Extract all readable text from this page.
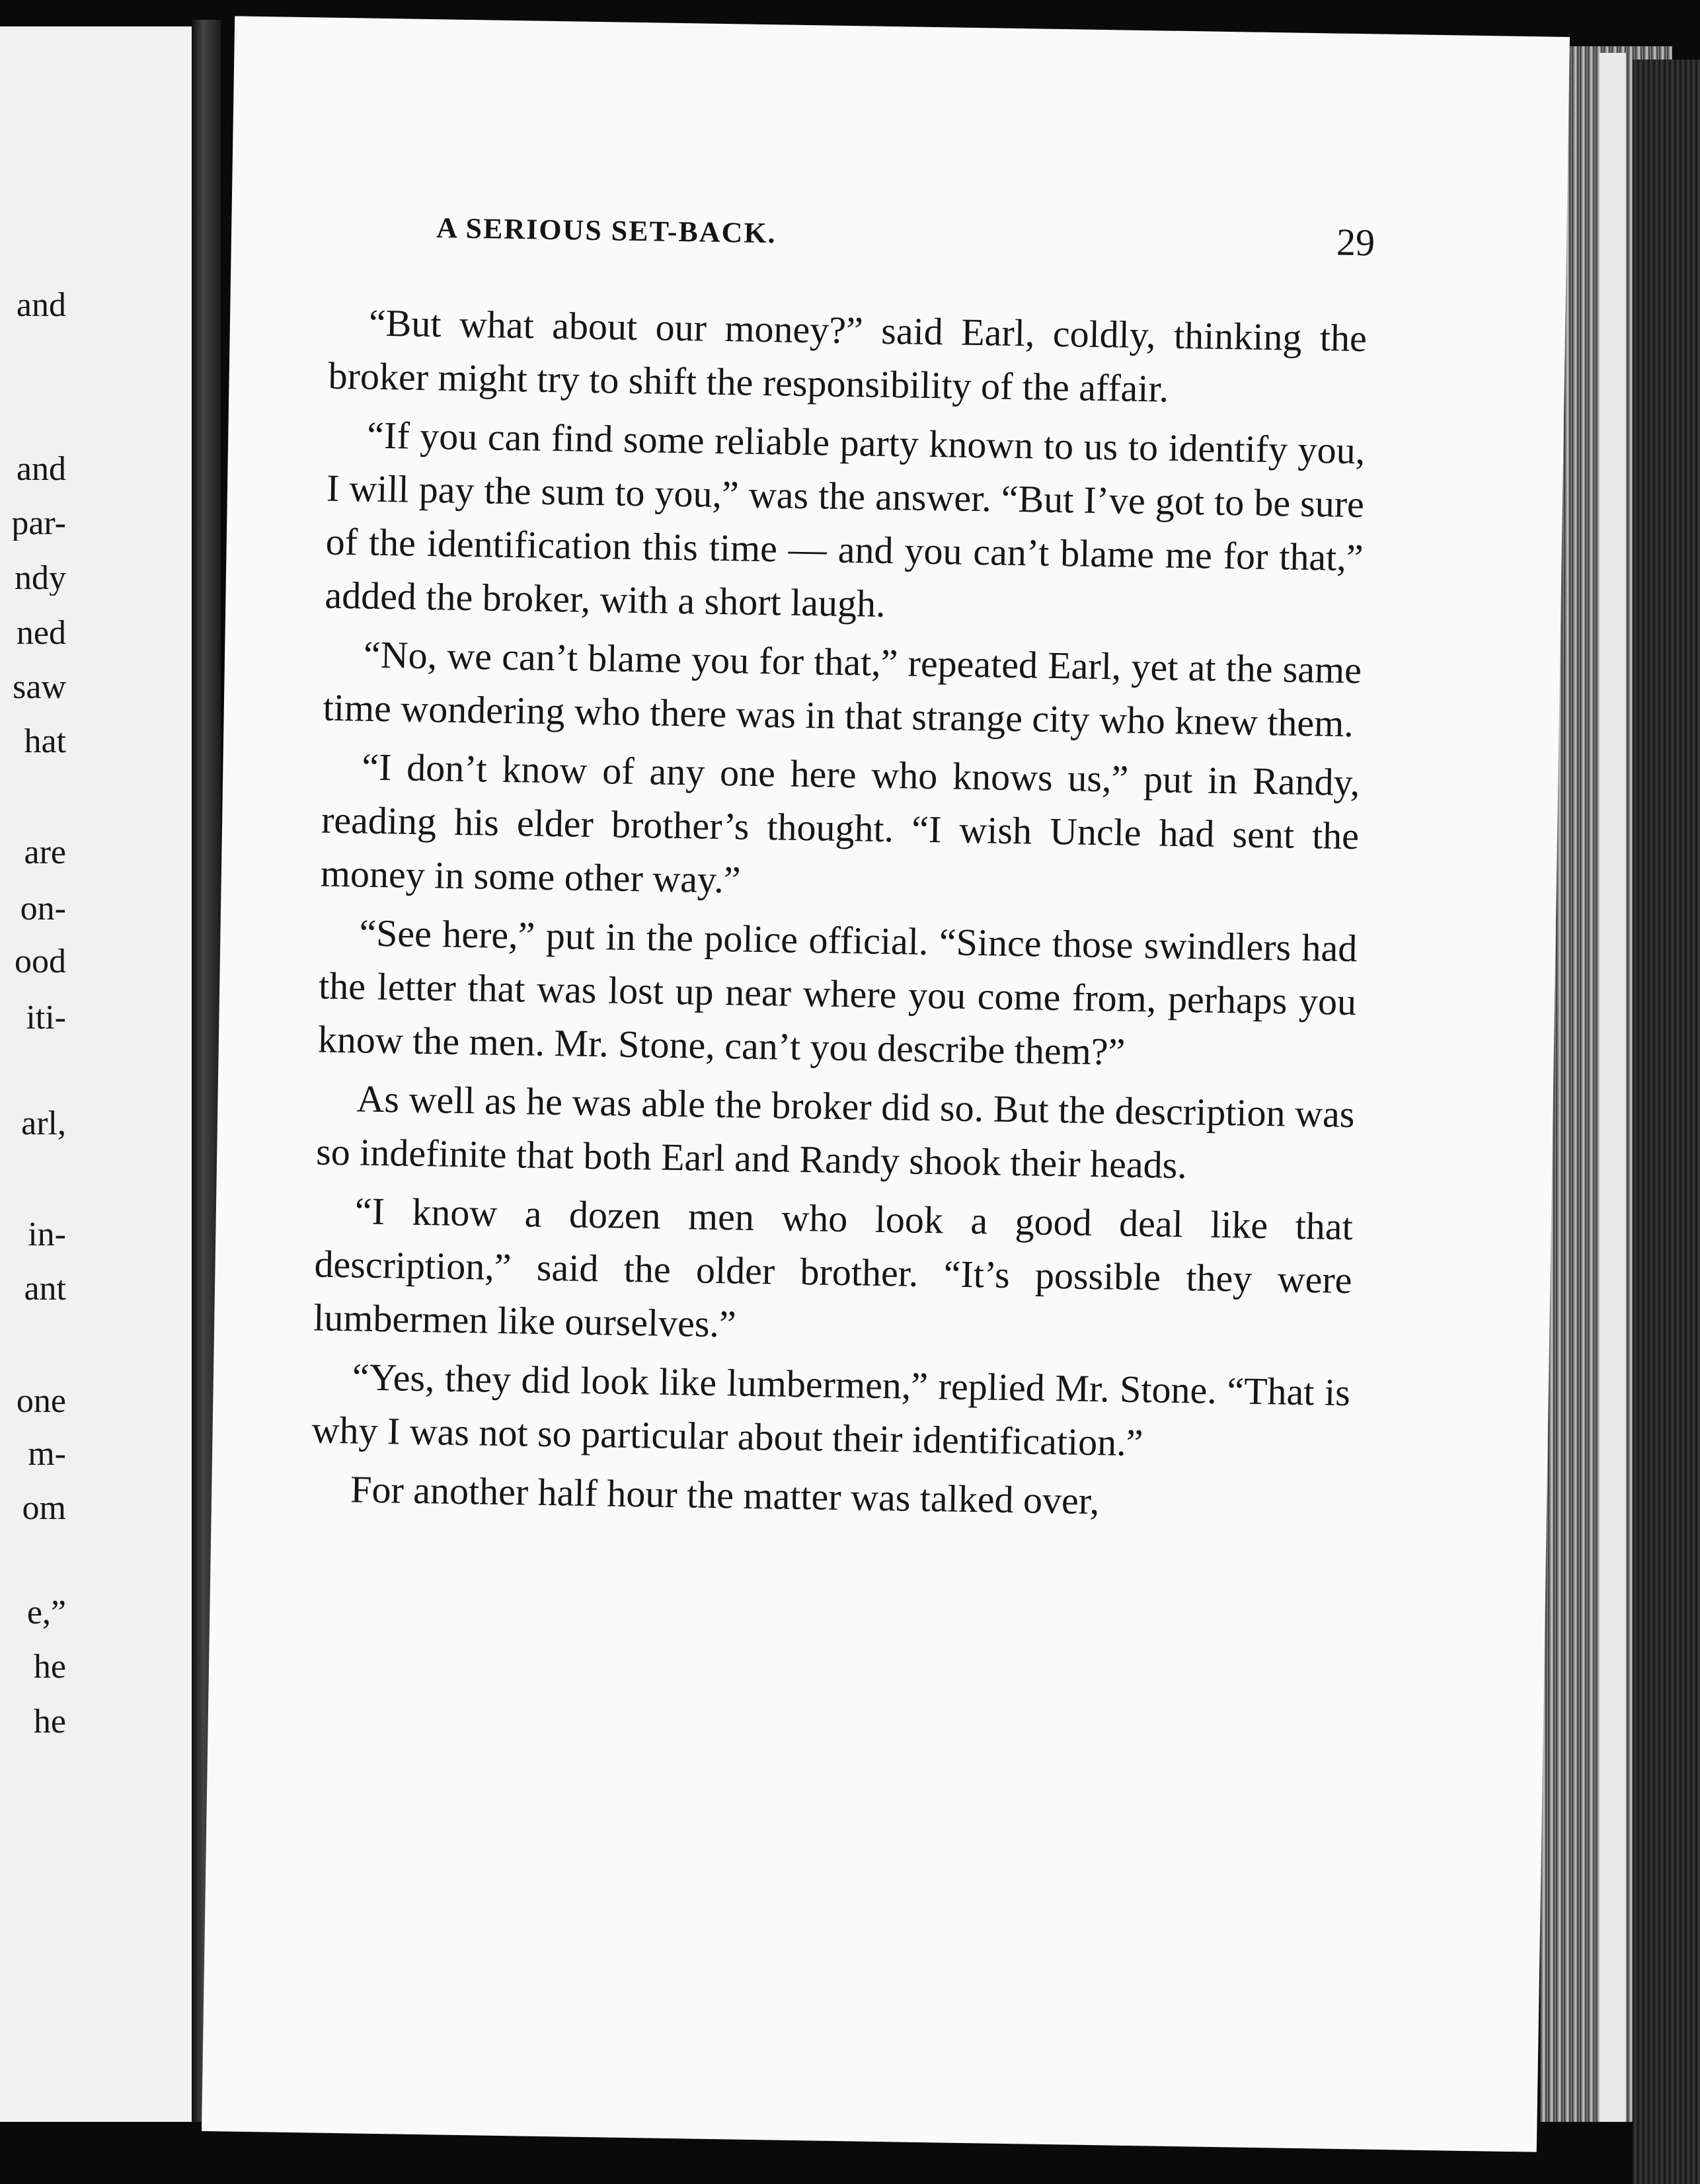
and
and
par-
ndy
ned
saw
hat
are
on-
ood
iti-
arl,
in-
ant
one
m-
om
e,”
he
he
A SERIOUS SET-BACK.	29

“But what about our money?” said Earl, coldly, thinking the broker might try to shift the responsibility of the affair.

“If you can find some reliable party known to us to identify you, I will pay the sum to you,” was the answer. “But I’ve got to be sure of the identification this time — and you can’t blame me for that,” added the broker, with a short laugh.

“No, we can’t blame you for that,” repeated Earl, yet at the same time wondering who there was in that strange city who knew them.

“I don’t know of any one here who knows us,” put in Randy, reading his elder brother’s thought. “I wish Uncle had sent the money in some other way.”

“See here,” put in the police official. “Since those swindlers had the letter that was lost up near where you come from, perhaps you know the men. Mr. Stone, can’t you describe them?”

As well as he was able the broker did so. But the description was so indefinite that both Earl and Randy shook their heads.

“I know a dozen men who look a good deal like that description,” said the older brother. “It’s possible they were lumbermen like ourselves.”

“Yes, they did look like lumbermen,” replied Mr. Stone. “That is why I was not so particular about their identification.”

For another half hour the matter was talked over,
